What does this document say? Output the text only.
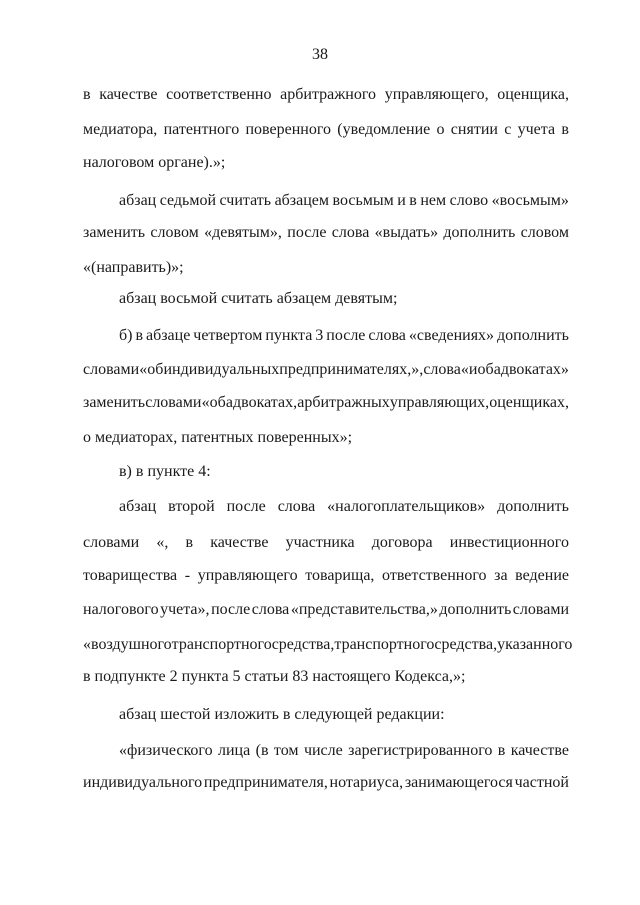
38
в качестве соответственно арбитражного управляющего, оценщика,
медиатора, патентного поверенного (уведомление о снятии с учета в
налоговом органе).»;
абзац седьмой считать абзацем восьмым и в нем слово «восьмым»
заменить словом «девятым», после слова «выдать» дополнить словом
«(направить)»;
абзац восьмой считать абзацем девятым;
б) в абзаце четвертом пункта 3 после слова «сведениях» дополнить
словами «об индивидуальных предпринимателях,», слова «и об адвокатах»
заменить словами «об адвокатах, арбитражных управляющих, оценщиках,
о медиаторах, патентных поверенных»;
в) в пункте 4:
абзац второй после слова «налогоплательщиков» дополнить
словами «, в качестве участника договора инвестиционного
товарищества - управляющего товарища, ответственного за ведение
налогового учета», после слова «представительства,» дополнить словами
«воздушного транспортного средства, транспортного средства, указанного
в подпункте 2 пункта 5 статьи 83 настоящего Кодекса,»;
абзац шестой изложить в следующей редакции:
«физического лица (в том числе зарегистрированного в качестве
индивидуального предпринимателя, нотариуса, занимающегося частной
